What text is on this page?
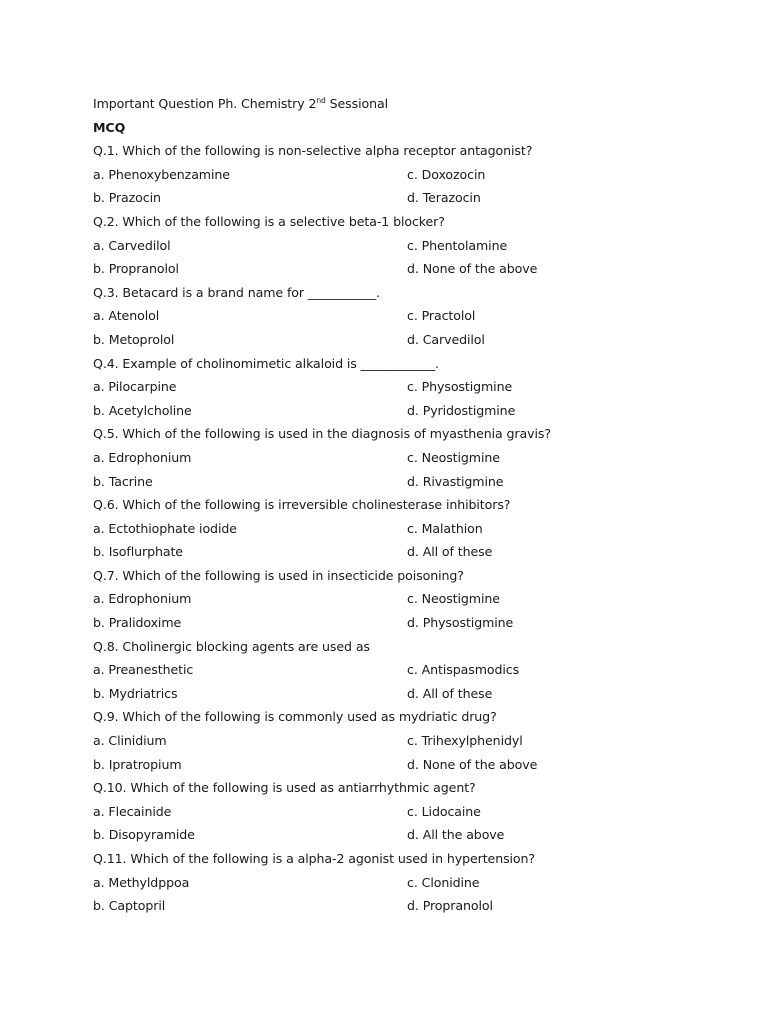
Important Question Ph. Chemistry 2nd Sessional
MCQ
Q.1. Which of the following is non-selective alpha receptor antagonist?
a. Phenoxybenzamine	c. Doxozocin
b. Prazocin	d. Terazocin
Q.2. Which of the following is a selective beta-1 blocker?
a. Carvedilol	c. Phentolamine
b. Propranolol	d. None of the above
Q.3. Betacard is a brand name for ___________.
a. Atenolol	c. Practolol
b. Metoprolol	d. Carvedilol
Q.4. Example of cholinomimetic alkaloid is ____________.
a. Pilocarpine	c. Physostigmine
b. Acetylcholine	d. Pyridostigmine
Q.5. Which of the following is used in the diagnosis of myasthenia gravis?
a. Edrophonium	c. Neostigmine
b. Tacrine	d. Rivastigmine
Q.6. Which of the following is irreversible cholinesterase inhibitors?
a. Ectothiophate iodide	c. Malathion
b. Isoflurphate	d. All of these
Q.7. Which of the following is used in insecticide poisoning?
a. Edrophonium	c. Neostigmine
b. Pralidoxime	d. Physostigmine
Q.8. Cholinergic blocking agents are used as
a. Preanesthetic	c. Antispasmodics
b. Mydriatrics	d. All of these
Q.9. Which of the following is commonly used as mydriatic drug?
a. Clinidium	c. Trihexylphenidyl
b. Ipratropium	d. None of the above
Q.10. Which of the following is used as antiarrhythmic agent?
a. Flecainide	c. Lidocaine
b. Disopyramide	d. All the above
Q.11. Which of the following is a alpha-2 agonist used in hypertension?
a. Methyldppoa	c. Clonidine
b. Captopril	d. Propranolol
